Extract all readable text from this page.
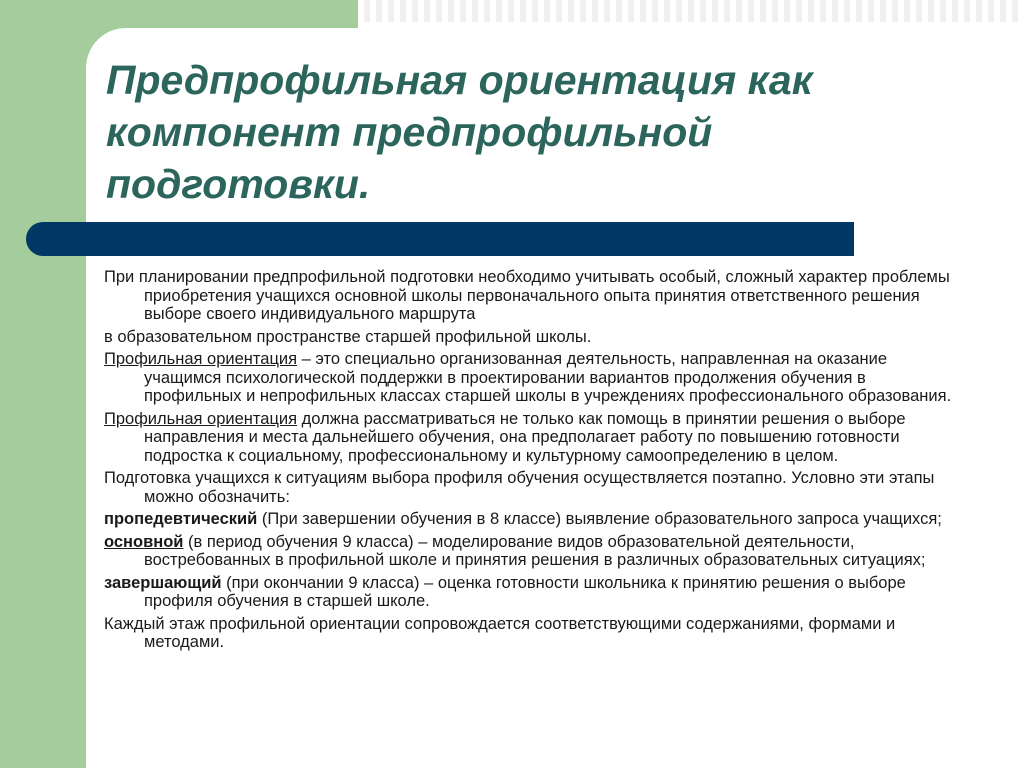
Предпрофильная ориентация как компонент предпрофильной подготовки.

При планировании предпрофильной подготовки необходимо учитывать особый, сложный характер проблемы приобретения учащихся основной школы первоначального опыта принятия ответственного решения выборе своего индивидуального маршрута

в образовательном пространстве старшей профильной школы.

Профильная ориентация – это специально организованная деятельность, направленная на оказание учащимся психологической поддержки в проектировании вариантов продолжения обучения в профильных и непрофильных классах старшей школы в учреждениях профессионального образования.

Профильная ориентация должна рассматриваться не только как помощь в принятии решения о выборе направления и места дальнейшего обучения, она предполагает работу по повышению готовности подростка к социальному, профессиональному и культурному самоопределению в целом.

Подготовка учащихся к ситуациям выбора профиля обучения осуществляется поэтапно. Условно эти этапы можно обозначить:

пропедевтический (При завершении обучения в 8 классе) выявление образовательного запроса учащихся;

основной (в период обучения 9 класса) – моделирование видов образовательной деятельности, востребованных в профильной школе и принятия решения в различных образовательных ситуациях;

завершающий (при окончании 9 класса) – оценка готовности школьника к принятию решения о выборе профиля обучения в старшей школе.

Каждый этаж профильной ориентации сопровождается соответствующими содержаниями, формами и методами.
